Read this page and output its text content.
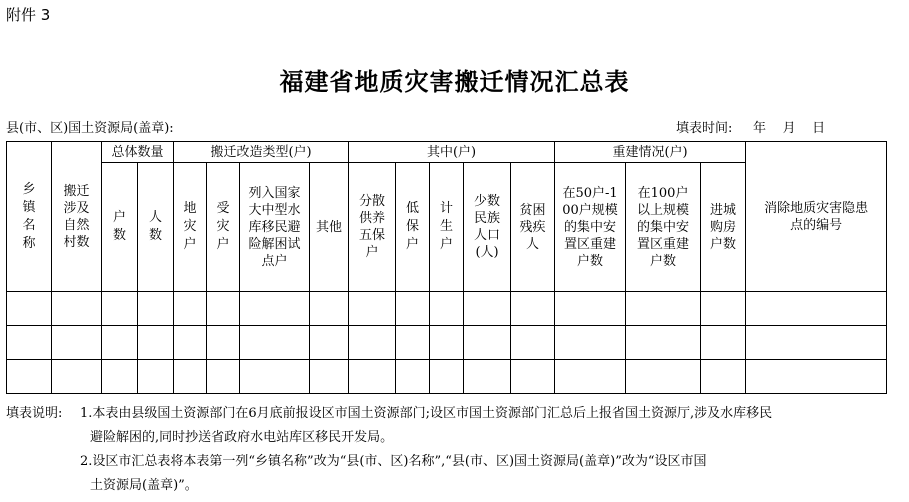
附件 3
福建省地质灾害搬迁情况汇总表
县(市、区)国土资源局(盖章):	填表时间:     年    月    日
乡镇名称	搬迁涉及自然村数	总体数量		搬迁改造类型(户)				其中(户)					重建情况(户)			消除地质灾害隐患点的编号
		户数	人数	地灾户	受灾户	列入国家大中型水库移民避险解困试点户	其他	分散供养五保户	低保户	计生户	少数民族人口(人)	贫困残疾人	在50户-100户规模的集中安置区重建户数	在100户以上规模的集中安置区重建户数	进城购房户数	

填表说明: 1.本表由县级国土资源部门在6月底前报设区市国土资源部门;设区市国土资源部门汇总后上报省国土资源厅,涉及水库移民
避险解困的,同时抄送省政府水电站库区移民开发局。
2.设区市汇总表将本表第一列“乡镇名称”改为“县(市、区)名称”,“县(市、区)国土资源局(盖章)”改为“设区市国
土资源局(盖章)”。
